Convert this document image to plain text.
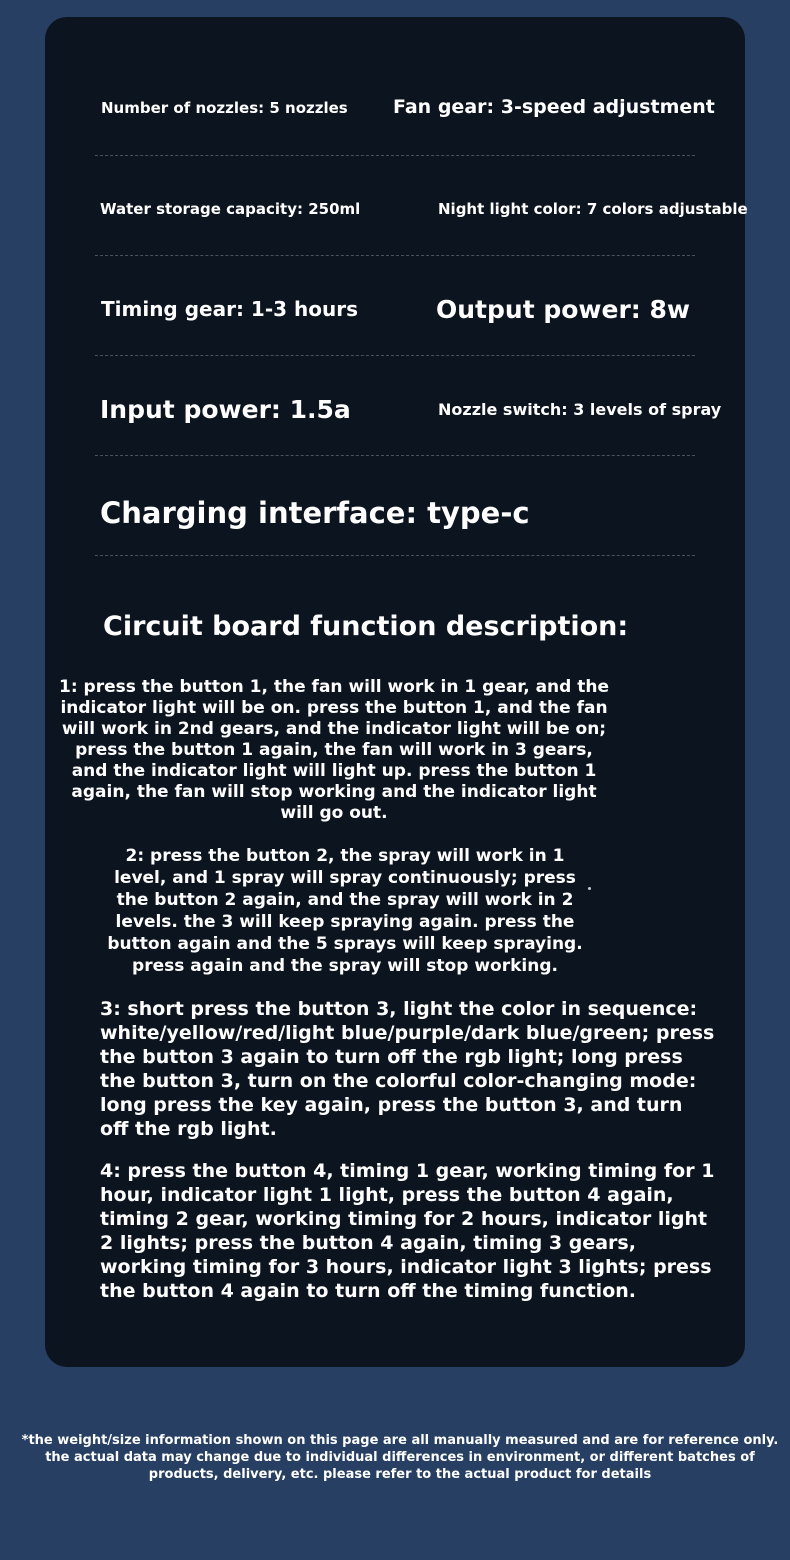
Number of nozzles: 5 nozzles Fan gear: 3-speed adjustment
Water storage capacity: 250ml	Night light color: 7 colors adjustable
Timing gear: 1-3 hours	Output power: 8w
Input power: 1.5a	Nozzle switch: 3 levels of spray
Charging interface: type-c
Circuit board function description:
1: press the button 1, the fan will work in 1 gear, and the indicator light will be on. press the button 1, and the fan will work in 2nd gears, and the indicator light will be on; press the button 1 again, the fan will work in 3 gears, and the indicator light will light up. press the button 1 again, the fan will stop working and the indicator light will go out.
2: press the button 2, the spray will work in 1 level, and 1 spray will spray continuously; press the button 2 again, and the spray will work in 2 levels. the 3 will keep spraying again. press the button again and the 5 sprays will keep spraying. press again and the spray will stop working.
3: short press the button 3, light the color in sequence: white/yellow/red/light blue/purple/dark blue/green; press the button 3 again to turn off the rgb light; long press the button 3, turn on the colorful color-changing mode: long press the key again, press the button 3, and turn off the rgb light.
4: press the button 4, timing 1 gear, working timing for 1 hour, indicator light 1 light, press the button 4 again, timing 2 gear, working timing for 2 hours, indicator light 2 lights; press the button 4 again, timing 3 gears, working timing for 3 hours, indicator light 3 lights; press the button 4 again to turn off the timing function.
*the weight/size information shown on this page are all manually measured and are for reference only. the actual data may change due to individual differences in environment, or different batches of products, delivery, etc. please refer to the actual product for details
